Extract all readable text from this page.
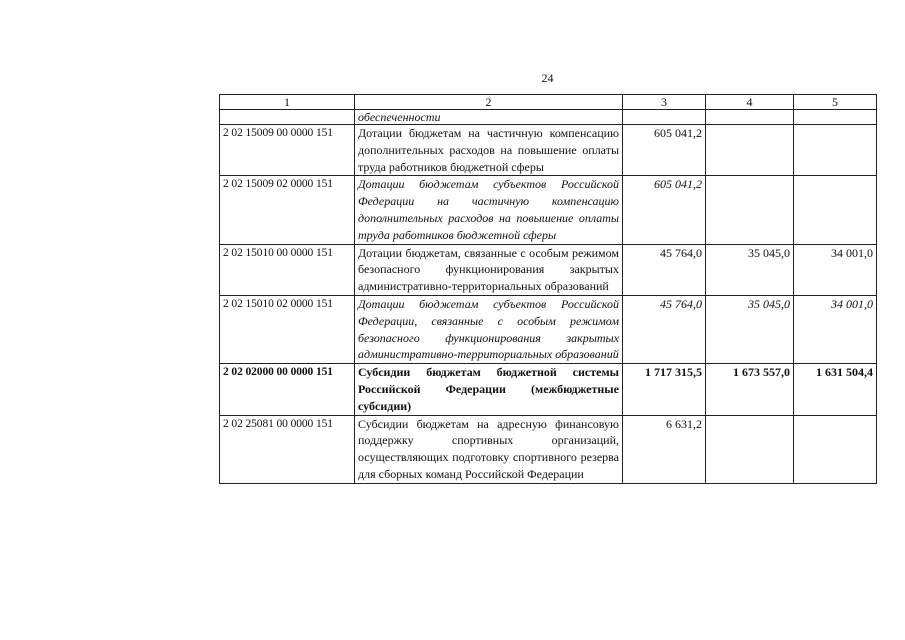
24
1	2	3	4	5
	обеспеченности			
2 02 15009 00 0000 151	Дотации бюджетам на частичную компенсацию дополнительных расходов на повышение оплаты труда работников бюджетной сферы	605 041,2		
2 02 15009 02 0000 151	Дотации бюджетам субъектов Российской Федерации на частичную компенсацию дополнительных расходов на повышение оплаты труда работников бюджетной сферы	605 041,2		
2 02 15010 00 0000 151	Дотации бюджетам, связанные с особым режимом безопасного функционирования закрытых административно-территориальных образований	45 764,0	35 045,0	34 001,0
2 02 15010 02 0000 151	Дотации бюджетам субъектов Российской Федерации, связанные с особым режимом безопасного функционирования закрытых административно-территориальных образований	45 764,0	35 045,0	34 001,0
2 02 02000 00 0000 151	Субсидии бюджетам бюджетной системы Российской Федерации (межбюджетные субсидии)	1 717 315,5	1 673 557,0	1 631 504,4
2 02 25081 00 0000 151	Субсидии бюджетам на адресную финансовую поддержку спортивных организаций, осуществляющих подготовку спортивного резерва для сборных команд Российской Федерации	6 631,2		
